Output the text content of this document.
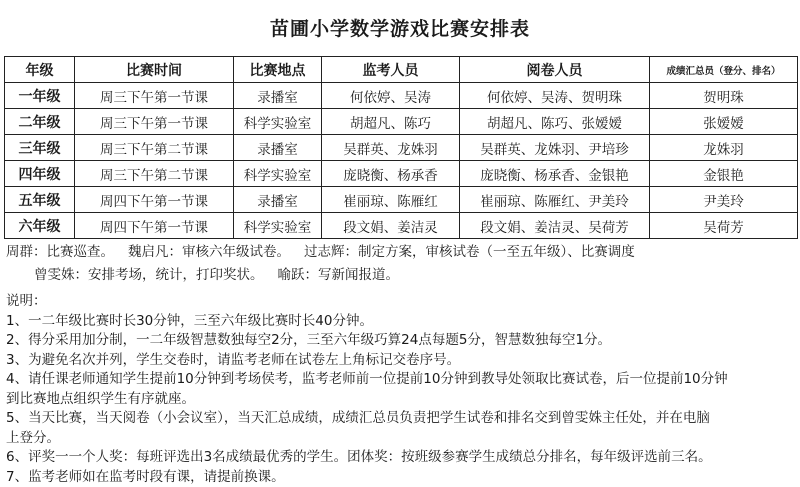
苗圃小学数学游戏比赛安排表
年级	比赛时间	比赛地点	监考人员	阅卷人员	成绩汇总员（登分、排名）
一年级	周三下午第一节课	录播室	何依婷、吴涛	何依婷、吴涛、贺明珠	贺明珠
二年级	周三下午第一节课	科学实验室	胡超凡、陈巧	胡超凡、陈巧、张嫒嫒	张嫒嫒
三年级	周三下午第二节课	录播室	吴群英、龙姝羽	吴群英、龙姝羽、尹培珍	龙姝羽
四年级	周三下午第二节课	科学实验室	庞晓衡、杨承香	庞晓衡、杨承香、金银艳	金银艳
五年级	周四下午第一节课	录播室	崔丽琼、陈雁红	崔丽琼、陈雁红、尹美玲	尹美玲
六年级	周四下午第一节课	科学实验室	段文娟、姜洁灵	段文娟、姜洁灵、吴荷芳	吴荷芳
周群：比赛巡查。 魏启凡：审核六年级试卷。 过志辉：制定方案，审核试卷（一至五年级）、比赛调度
曾雯姝：安排考场，统计，打印奖状。 喻跃：写新闻报道。
说明：
1、一二年级比赛时长30分钟，三至六年级比赛时长40分钟。
2、得分采用加分制，一二年级智慧数独每空2分，三至六年级巧算24点每题5分，智慧数独每空1分。
3、为避免名次并列，学生交卷时，请监考老师在试卷左上角标记交卷序号。
4、请任课老师通知学生提前10分钟到考场侯考，监考老师前一位提前10分钟到教导处领取比赛试卷，后一位提前10分钟
到比赛地点组织学生有序就座。
5、当天比赛，当天阅卷（小会议室），当天汇总成绩，成绩汇总员负责把学生试卷和排名交到曾雯姝主任处，并在电脑
上登分。
6、评奖一一个人奖：每班评选出3名成绩最优秀的学生。团体奖：按班级参赛学生成绩总分排名，每年级评选前三名。
7、监考老师如在监考时段有课，请提前换课。
